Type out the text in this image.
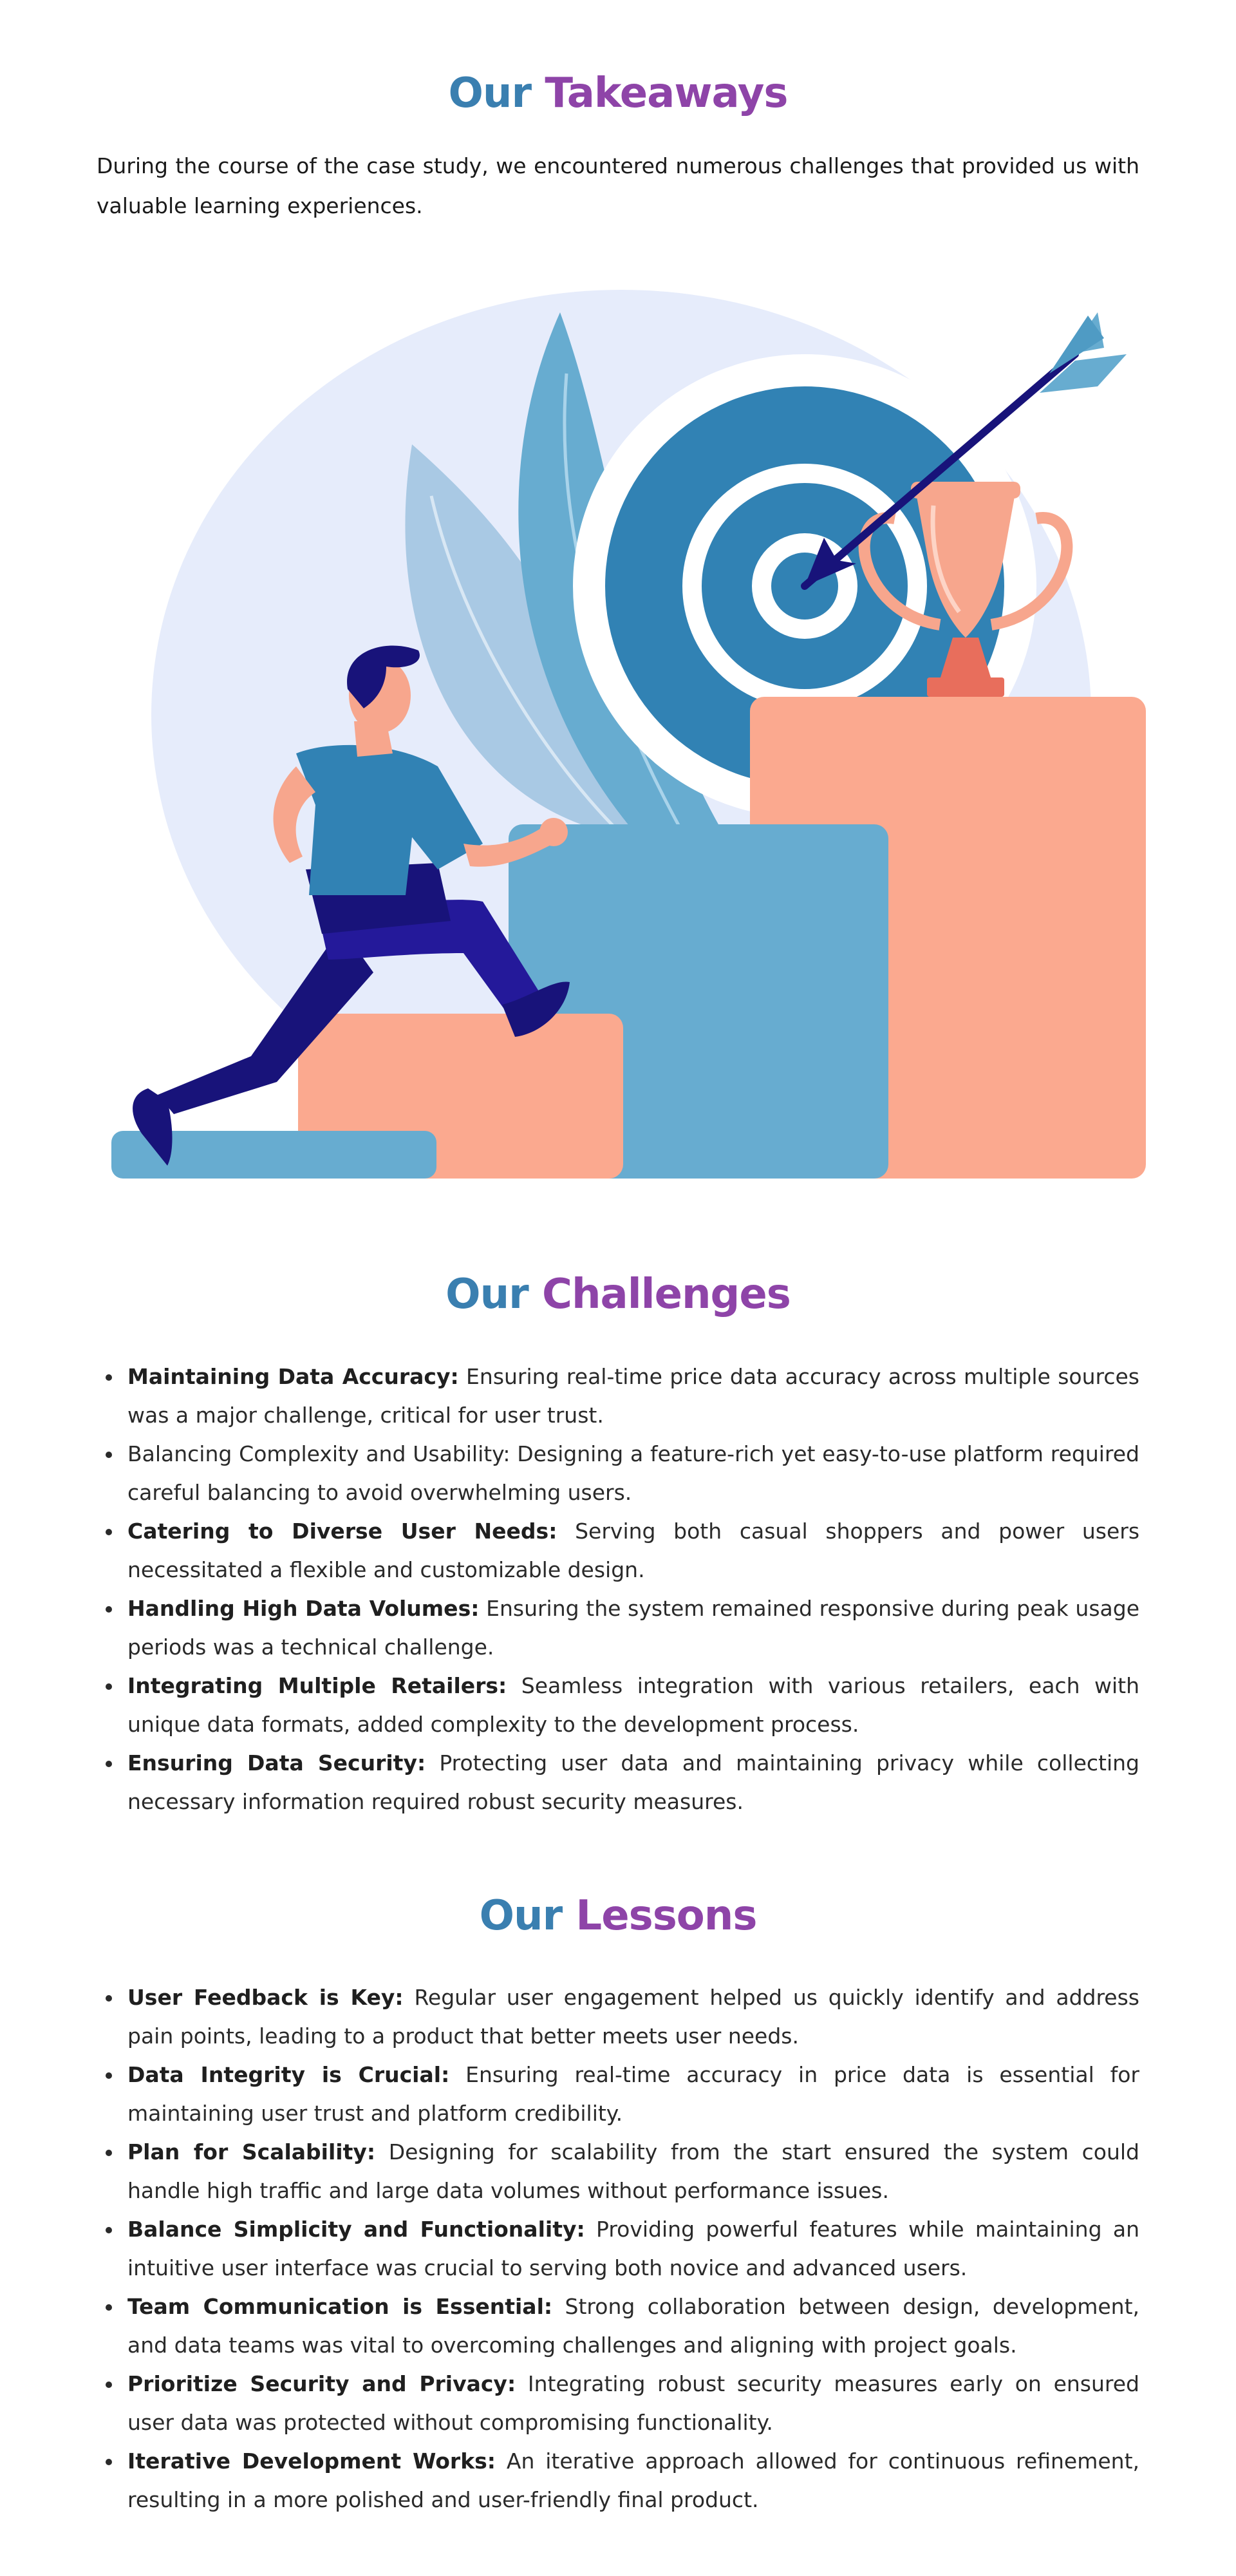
Our Takeaways

During the course of the case study, we encountered numerous challenges that provided us with valuable learning experiences.

Our Challenges
Maintaining Data Accuracy: Ensuring real-time price data accuracy across multiple sources was a major challenge, critical for user trust.
Balancing Complexity and Usability: Designing a feature-rich yet easy-to-use platform required careful balancing to avoid overwhelming users.
Catering to Diverse User Needs: Serving both casual shoppers and power users necessitated a flexible and customizable design.
Handling High Data Volumes: Ensuring the system remained responsive during peak usage periods was a technical challenge.
Integrating Multiple Retailers: Seamless integration with various retailers, each with unique data formats, added complexity to the development process.
Ensuring Data Security: Protecting user data and maintaining privacy while collecting necessary information required robust security measures.
Our Lessons
User Feedback is Key: Regular user engagement helped us quickly identify and address pain points, leading to a product that better meets user needs.
Data Integrity is Crucial: Ensuring real-time accuracy in price data is essential for maintaining user trust and platform credibility.
Plan for Scalability: Designing for scalability from the start ensured the system could handle high traffic and large data volumes without performance issues.
Balance Simplicity and Functionality: Providing powerful features while maintaining an intuitive user interface was crucial to serving both novice and advanced users.
Team Communication is Essential: Strong collaboration between design, development, and data teams was vital to overcoming challenges and aligning with project goals.
Prioritize Security and Privacy: Integrating robust security measures early on ensured user data was protected without compromising functionality.
Iterative Development Works: An iterative approach allowed for continuous refinement, resulting in a more polished and user-friendly final product.
